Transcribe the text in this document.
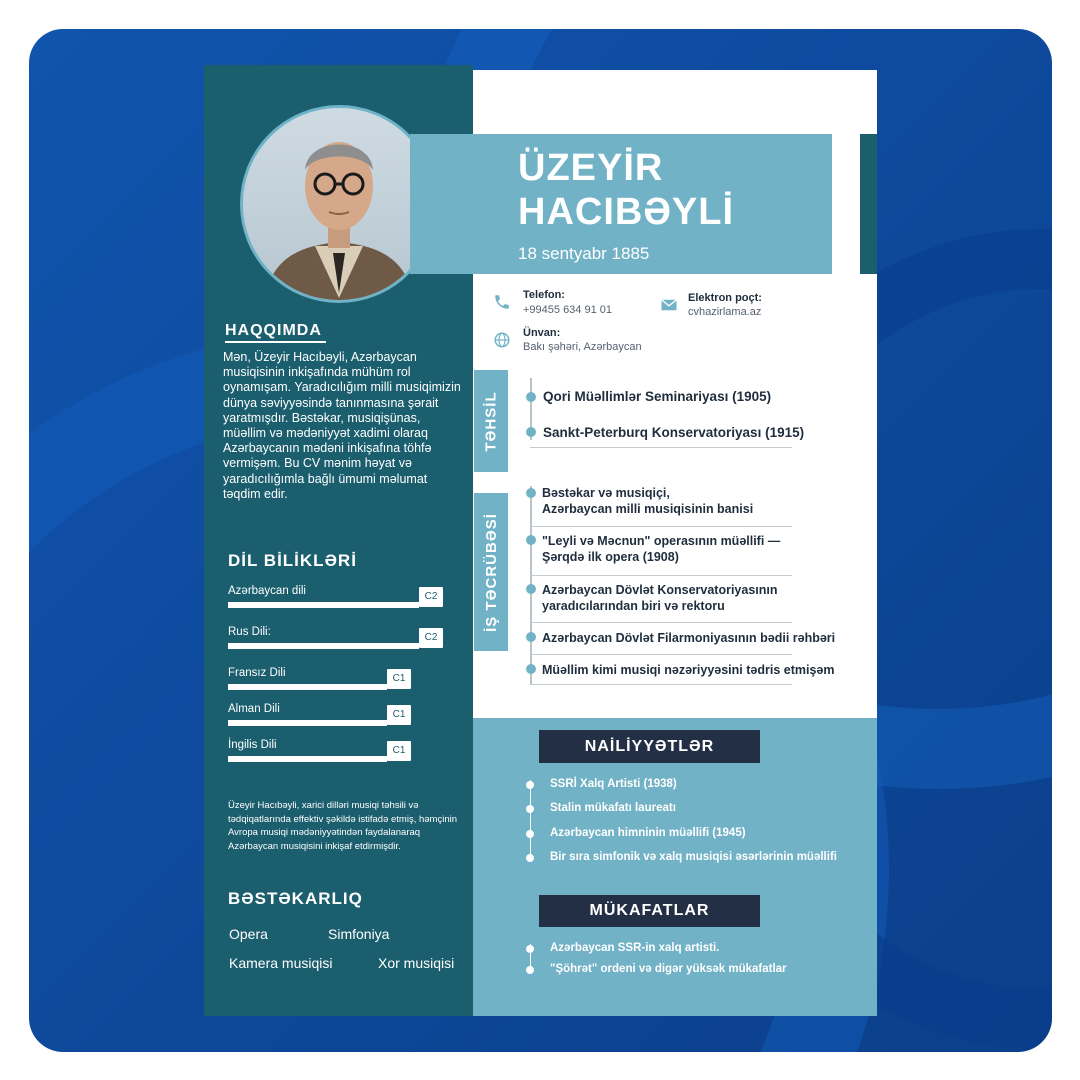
ÜZEYİR
HACIBƏYLİ
18 sentyabr 1885
Telefon:
+99455 634 91 01
Elektron poçt:
cvhazirlama.az
Ünvan:
Bakı şəhəri, Azərbaycan
TƏHSİL	Qori Müəllimlər Seminariyası (1905)
Sankt-Peterburq Konservatoriyası (1915)
İŞ TƏCRÜBƏSİ
Bəstəkar və musiqiçi,
Azərbaycan milli musiqisinin banisi
"Leyli və Məcnun" operasının müəllifi —
Şərqdə ilk opera (1908)
Azərbaycan Dövlət Konservatoriyasının
yaradıcılarından biri və rektoru
Azərbaycan Dövlət Filarmoniyasının bədii rəhbəri
Müəllim kimi musiqi nəzəriyyəsini tədris etmişəm
HAQQIMDA
Mən, Üzeyir Hacıbəyli, Azərbaycan musiqisinin inkişafında mühüm rol oynamışam. Yaradıcılığım milli musiqimizin dünya səviyyəsində tanınmasına şərait yaratmışdır. Bəstəkar, musiqişünas, müəllim və mədəniyyət xadimi olaraq Azərbaycanın mədəni inkişafına töhfə vermişəm. Bu CV mənim həyat və yaradıcılığımla bağlı ümumi məlumat təqdim edir.
DİL BİLİKLƏRİ
Azərbaycan dili	C2
Rus Dili:	C2
Fransız Dili	C1
Alman Dili	C1
İngilis Dili	C1
Üzeyir Hacıbəyli, xarici dilləri musiqi təhsili və tədqiqatlarında effektiv şəkildə istifadə etmiş, həmçinin Avropa musiqi mədəniyyətindən faydalanaraq Azərbaycan musiqisini inkişaf etdirmişdir.
BƏSTƏKARLIQ
Opera	Simfoniya
Kamera musiqisi	Xor musiqisi
NAİLİYYƏTLƏR
SSRİ Xalq Artisti (1938)
Stalin mükafatı laureatı
Azərbaycan himninin müəllifi (1945)
Bir sıra simfonik və xalq musiqisi əsərlərinin müəllifi
MÜKAFATLAR
Azərbaycan SSR-in xalq artisti.
"Şöhrət" ordeni və digər yüksək mükafatlar
